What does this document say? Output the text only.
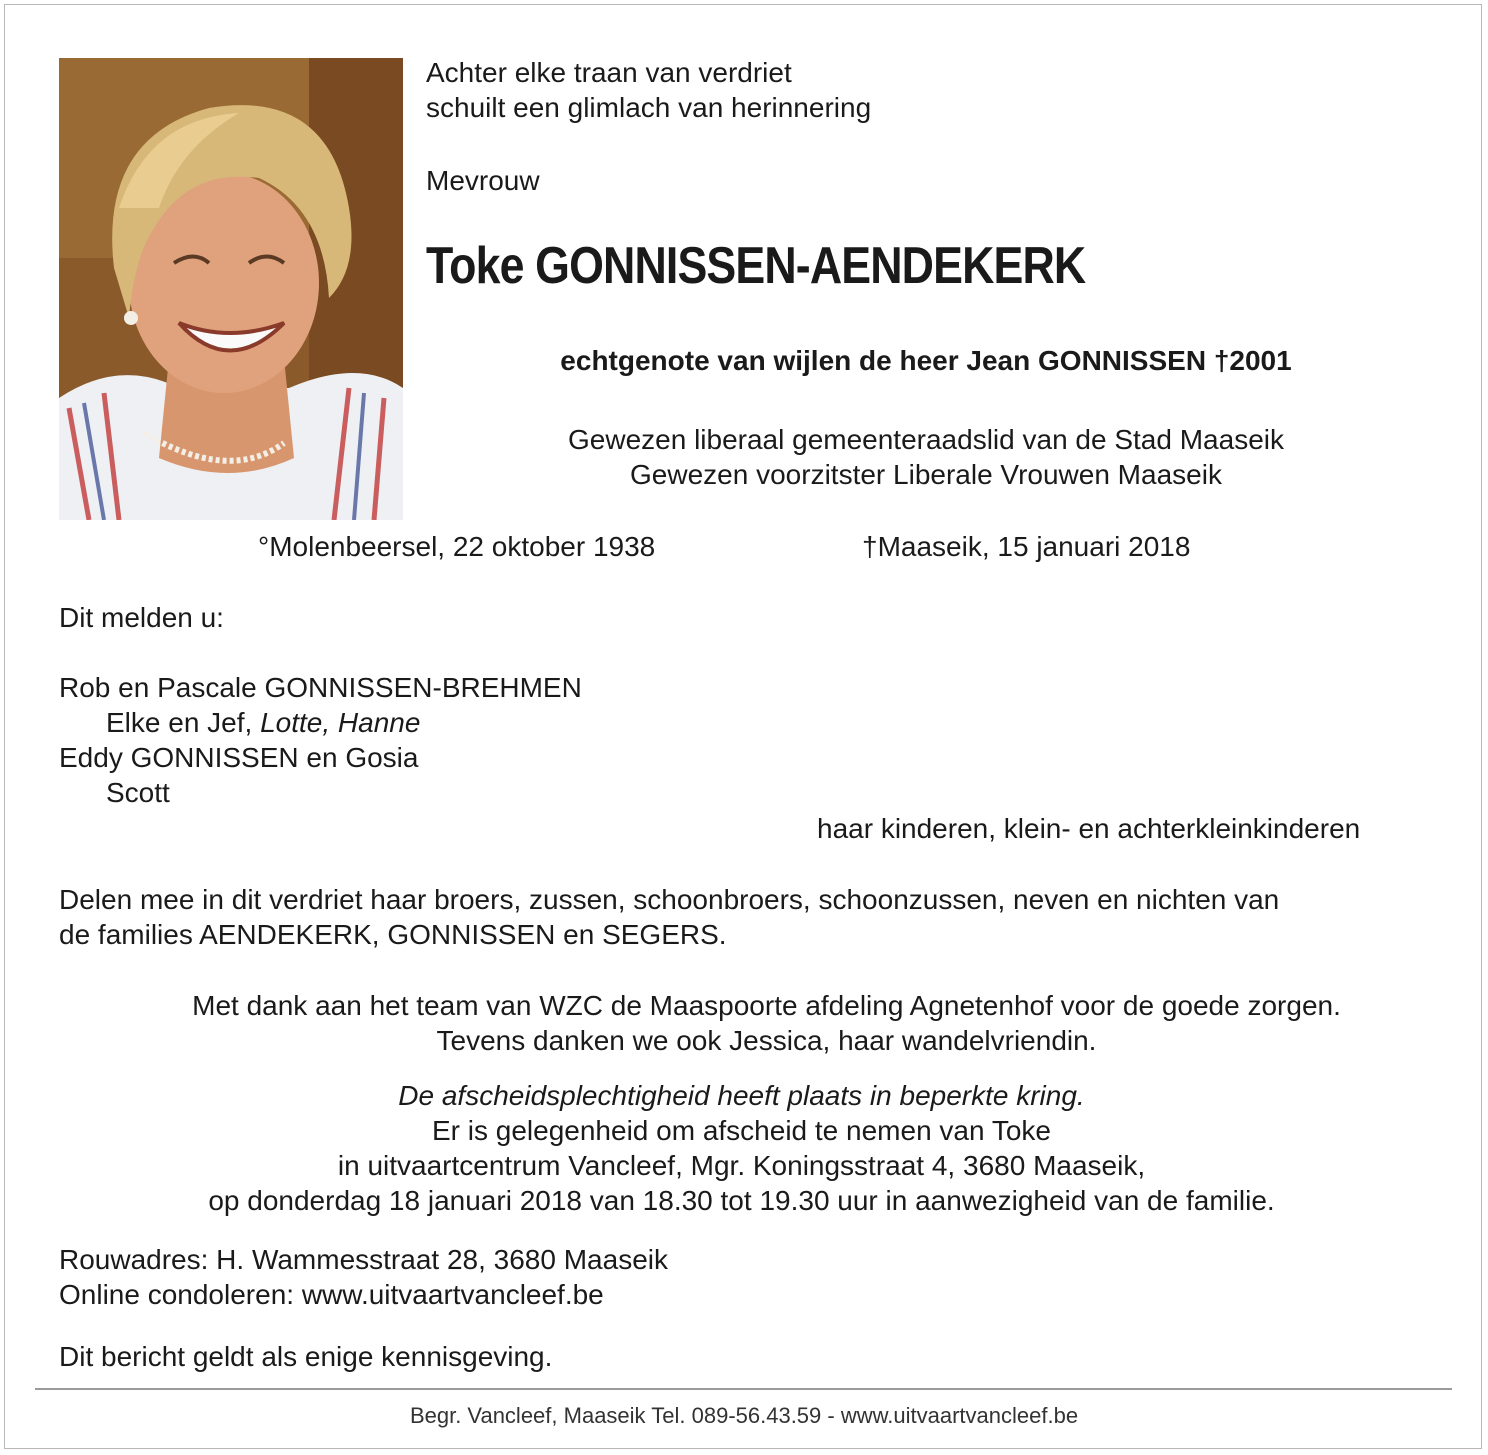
Achter elke traan van verdriet
schuilt een glimlach van herinnering
Mevrouw
Toke GONNISSEN-AENDEKERK
echtgenote van wijlen de heer Jean GONNISSEN †2001
Gewezen liberaal gemeenteraadslid van de Stad Maaseik
Gewezen voorzitster Liberale Vrouwen Maaseik
°Molenbeersel, 22 oktober 1938	†Maaseik, 15 januari 2018
Dit melden u:
Rob en Pascale GONNISSEN-BREHMEN
Elke en Jef, Lotte, Hanne
Eddy GONNISSEN en Gosia
Scott
haar kinderen, klein- en achterkleinkinderen
Delen mee in dit verdriet haar broers, zussen, schoonbroers, schoonzussen, neven en nichten van
de families AENDEKERK, GONNISSEN en SEGERS.
Met dank aan het team van WZC de Maaspoorte afdeling Agnetenhof voor de goede zorgen.
Tevens danken we ook Jessica, haar wandelvriendin.
De afscheidsplechtigheid heeft plaats in beperkte kring.
Er is gelegenheid om afscheid te nemen van Toke
in uitvaartcentrum Vancleef, Mgr. Koningsstraat 4, 3680 Maaseik,
op donderdag 18 januari 2018 van 18.30 tot 19.30 uur in aanwezigheid van de familie.
Rouwadres: H. Wammesstraat 28, 3680 Maaseik
Online condoleren: www.uitvaartvancleef.be
Dit bericht geldt als enige kennisgeving.
Begr. Vancleef, Maaseik Tel. 089-56.43.59 - www.uitvaartvancleef.be
